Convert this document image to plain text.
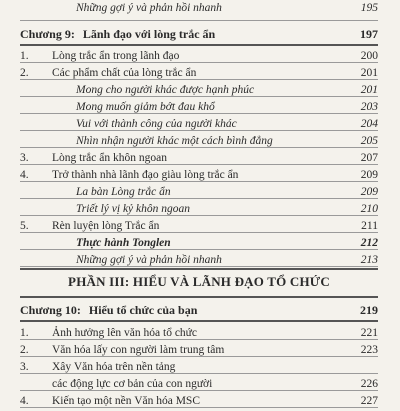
Những gợi ý và phản hồi nhanh	195
Chương 9: Lãnh đạo với lòng trắc ẩn	197
1. Lòng trắc ẩn trong lãnh đạo	200
2. Các phẩm chất của lòng trắc ẩn	201
Mong cho người khác được hạnh phúc	201
Mong muốn giảm bớt đau khổ	203
Vui với thành công của người khác	204
Nhìn nhận người khác một cách bình đẳng	205
3. Lòng trắc ẩn khôn ngoan	207
4. Trở thành nhà lãnh đạo giàu lòng trắc ẩn	209
La bàn Lòng trắc ẩn	209
Triết lý vị kỷ khôn ngoan	210
5. Rèn luyện lòng Trắc ẩn	211
Thực hành Tonglen	212
Những gợi ý và phản hồi nhanh	213
PHẦN III: HIỂU VÀ LÃNH ĐẠO TỔ CHỨC
Chương 10: Hiểu tổ chức của bạn	219
1. Ảnh hưởng lên văn hóa tổ chức	221
2. Văn hóa lấy con người làm trung tâm	223
3. Xây Văn hóa trên nền tảng
các động lực cơ bản của con người	226
4. Kiến tạo một nền Văn hóa MSC	227
